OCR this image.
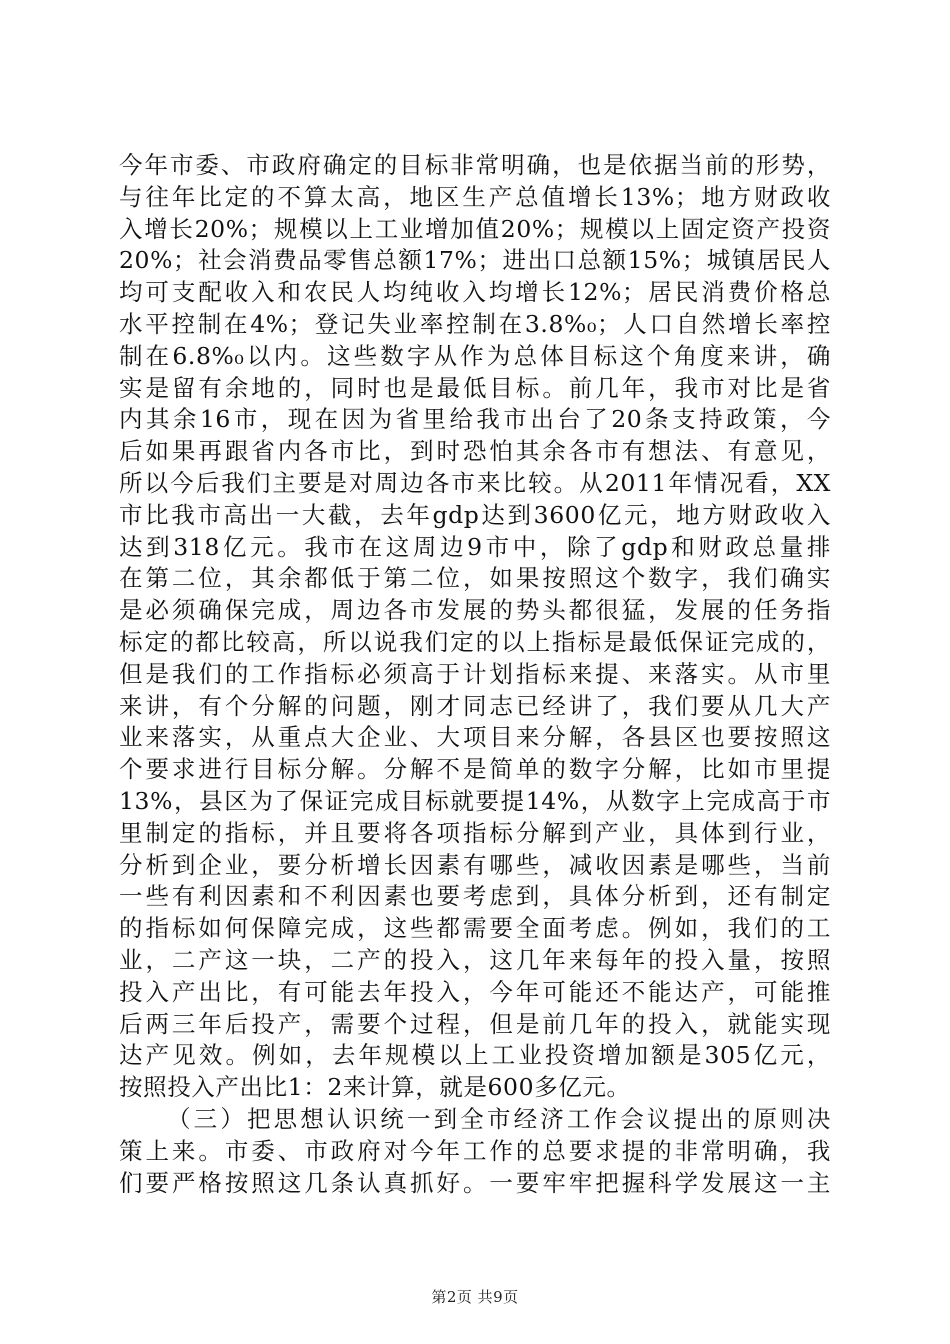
今年市委、市政府确定的目标非常明确，也是依据当前的形势，
与往年比定的不算太高，地区生产总值增长13%；地方财政收
入增长20%；规模以上工业增加值20%；规模以上固定资产投资
20%；社会消费品零售总额17%；进出口总额15%；城镇居民人
均可支配收入和农民人均纯收入均增长12%；居民消费价格总
水平控制在4%；登记失业率控制在3.8%₀；人口自然增长率控
制在6.8%₀以内。这些数字从作为总体目标这个角度来讲，确
实是留有余地的，同时也是最低目标。前几年，我市对比是省
内其余16市，现在因为省里给我市出台了20条支持政策，今
后如果再跟省内各市比，到时恐怕其余各市有想法、有意见，
所以今后我们主要是对周边各市来比较。从2011年情况看，XX
市比我市高出一大截，去年gdp达到3600亿元，地方财政收入
达到318亿元。我市在这周边9市中，除了gdp和财政总量排
在第二位，其余都低于第二位，如果按照这个数字，我们确实
是必须确保完成，周边各市发展的势头都很猛，发展的任务指
标定的都比较高，所以说我们定的以上指标是最低保证完成的，
但是我们的工作指标必须高于计划指标来提、来落实。从市里
来讲，有个分解的问题，刚才同志已经讲了，我们要从几大产
业来落实，从重点大企业、大项目来分解，各县区也要按照这
个要求进行目标分解。分解不是简单的数字分解，比如市里提
13%，县区为了保证完成目标就要提14%，从数字上完成高于市
里制定的指标，并且要将各项指标分解到产业，具体到行业，
分析到企业，要分析增长因素有哪些，减收因素是哪些，当前
一些有利因素和不利因素也要考虑到，具体分析到，还有制定
的指标如何保障完成，这些都需要全面考虑。例如，我们的工
业，二产这一块，二产的投入，这几年来每年的投入量，按照
投入产出比，有可能去年投入，今年可能还不能达产，可能推
后两三年后投产，需要个过程，但是前几年的投入，就能实现
达产见效。例如，去年规模以上工业投资增加额是305亿元，
按照投入产出比1：2来计算，就是600多亿元。
（三）把思想认识统一到全市经济工作会议提出的原则决
策上来。市委、市政府对今年工作的总要求提的非常明确，我
们要严格按照这几条认真抓好。一要牢牢把握科学发展这一主
第2页 共9页
